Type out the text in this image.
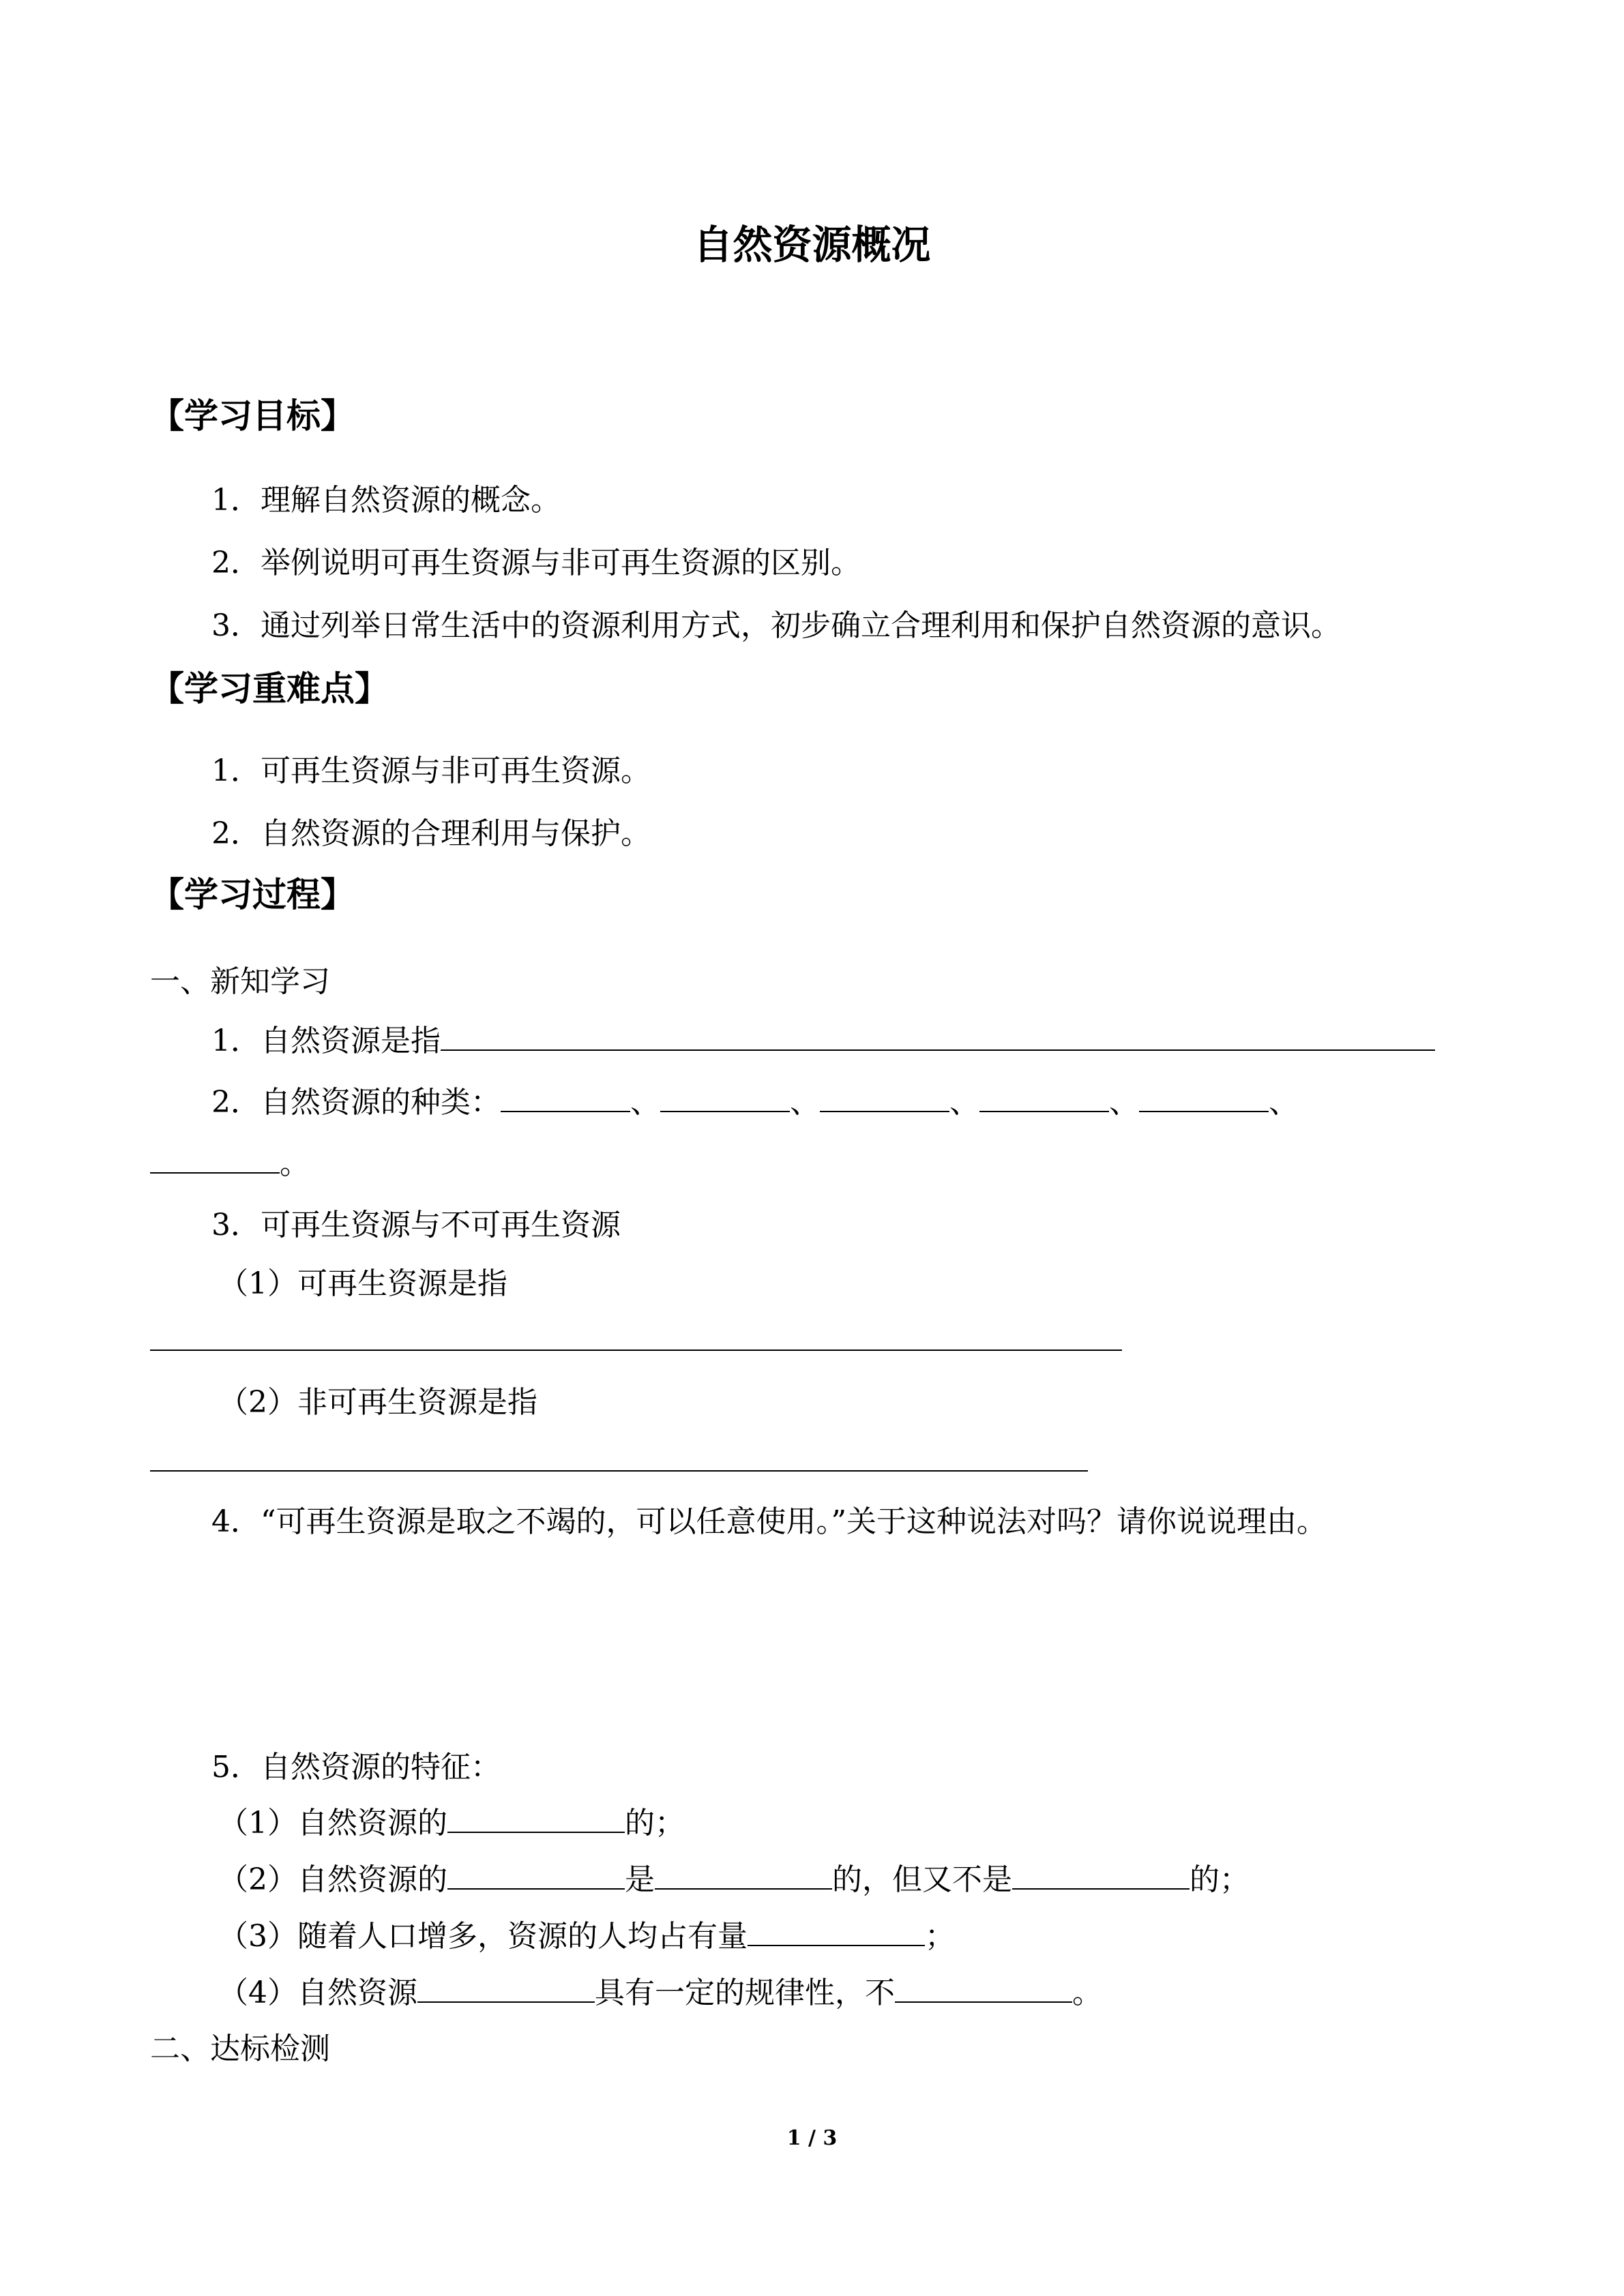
自然资源概况
【学习目标】
1．理解自然资源的概念。
2．举例说明可再生资源与非可再生资源的区别。
3．通过列举日常生活中的资源利用方式，初步确立合理利用和保护自然资源的意识。
【学习重难点】
1．可再生资源与非可再生资源。
2．自然资源的合理利用与保护。
【学习过程】
一、新知学习
1．自然资源是指
2．自然资源的种类：	、	、	、	、	、
。
3．可再生资源与不可再生资源
（1）可再生资源是指
（2）非可再生资源是指
4．“可再生资源是取之不竭的，可以任意使用。”关于这种说法对吗？请你说说理由。
5．自然资源的特征：
（1）自然资源的	的；
（2）自然资源的	是	的，但又不是	的；
（3）随着人口增多，资源的人均占有量	；
（4）自然资源	具有一定的规律性，不	。
二、达标检测
1 / 3
